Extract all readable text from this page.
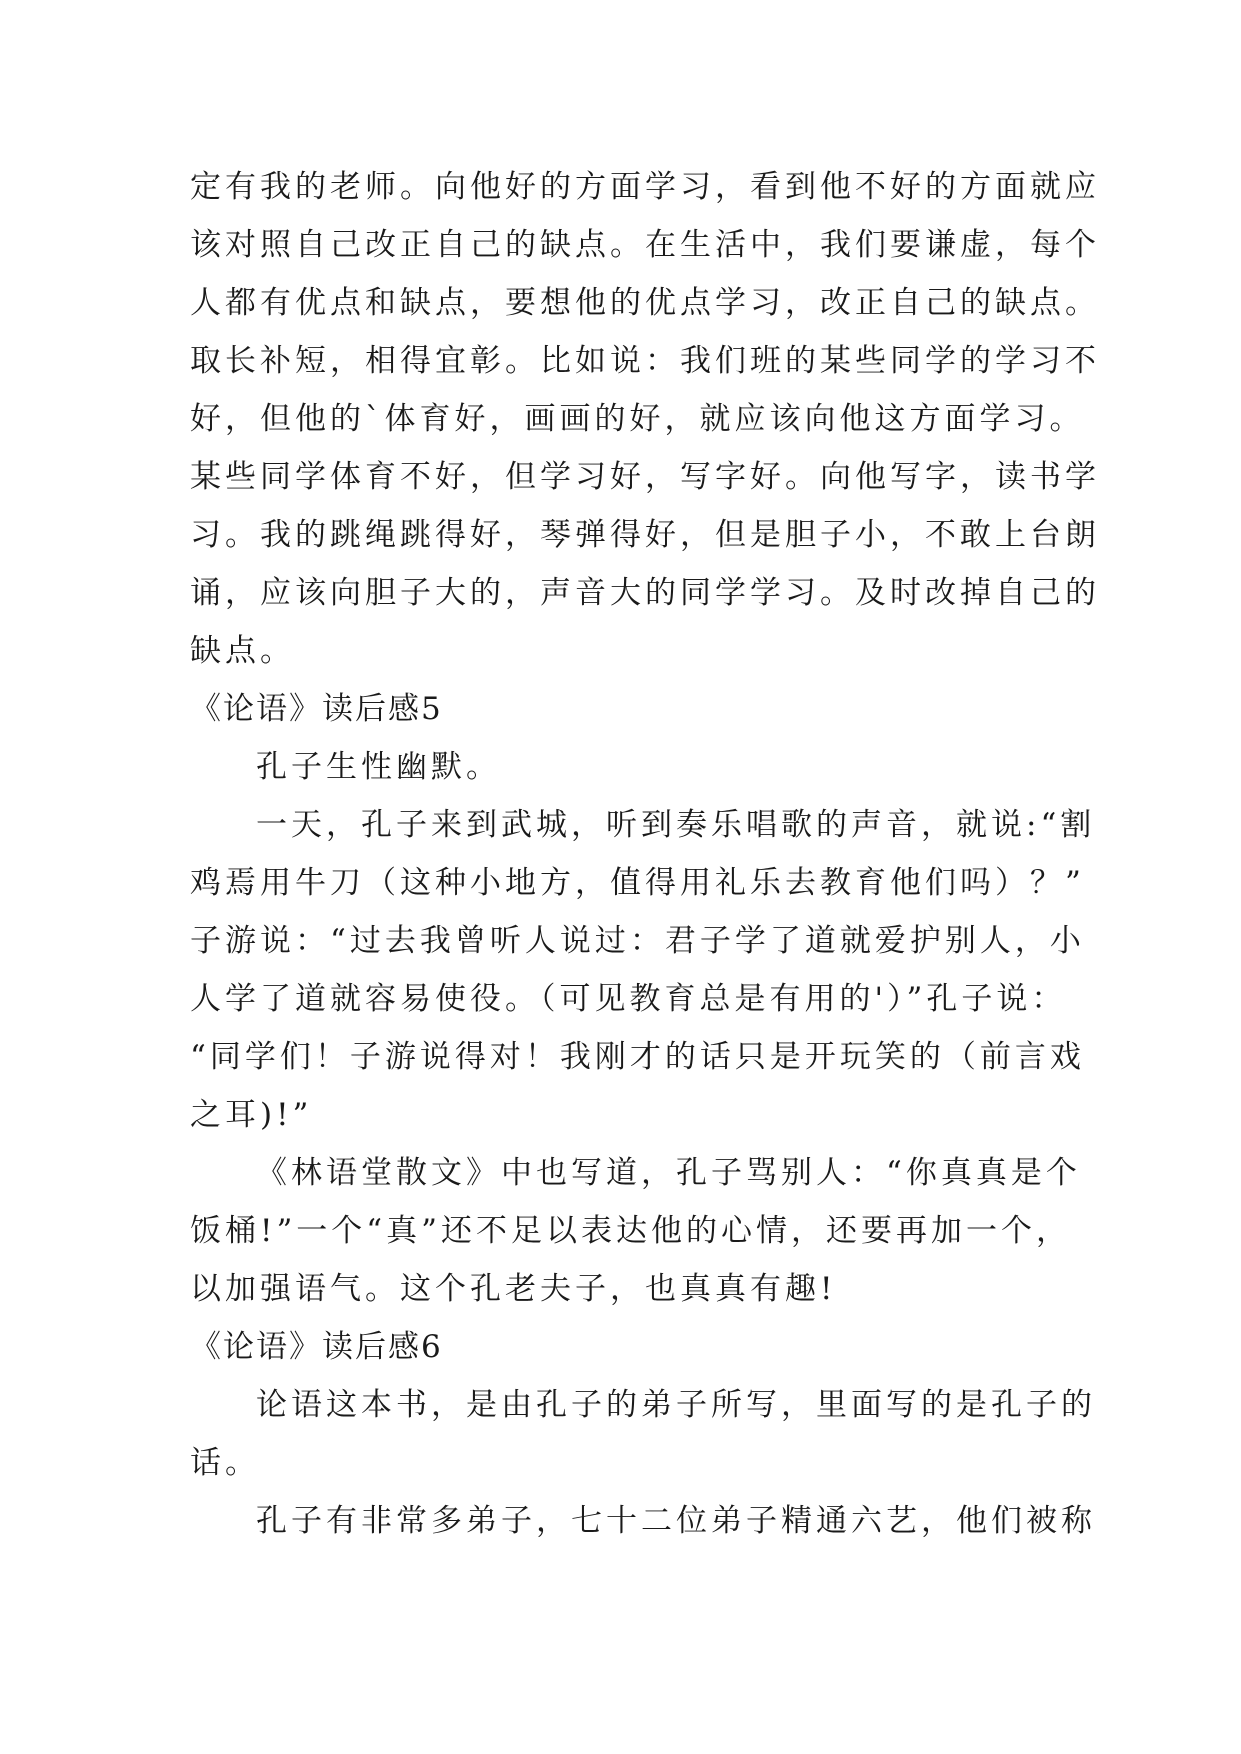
定有我的老师。向他好的方面学习，看到他不好的方面就应
该对照自己改正自己的缺点。在生活中，我们要谦虚，每个
人都有优点和缺点，要想他的优点学习，改正自己的缺点。
取长补短，相得宜彰。比如说：我们班的某些同学的学习不
好，但他的`体育好，画画的好，就应该向他这方面学习。
某些同学体育不好，但学习好，写字好。向他写字，读书学
习。我的跳绳跳得好，琴弹得好，但是胆子小，不敢上台朗
诵，应该向胆子大的，声音大的同学学习。及时改掉自己的
缺点。
《论语》读后感5
孔子生性幽默。
一天，孔子来到武城，听到奏乐唱歌的声音，就说:“割
鸡焉用牛刀（这种小地方，值得用礼乐去教育他们吗）？”
子游说：“过去我曾听人说过：君子学了道就爱护别人，小
人学了道就容易使役。（可见教育总是有用的'）”孔子说：
“同学们！子游说得对！我刚才的话只是开玩笑的（前言戏
之耳)!”
《林语堂散文》中也写道，孔子骂别人：“你真真是个
饭桶!”一个“真”还不足以表达他的心情，还要再加一个，
以加强语气。这个孔老夫子，也真真有趣!
《论语》读后感6
论语这本书，是由孔子的弟子所写，里面写的是孔子的
话。
孔子有非常多弟子，七十二位弟子精通六艺，他们被称
